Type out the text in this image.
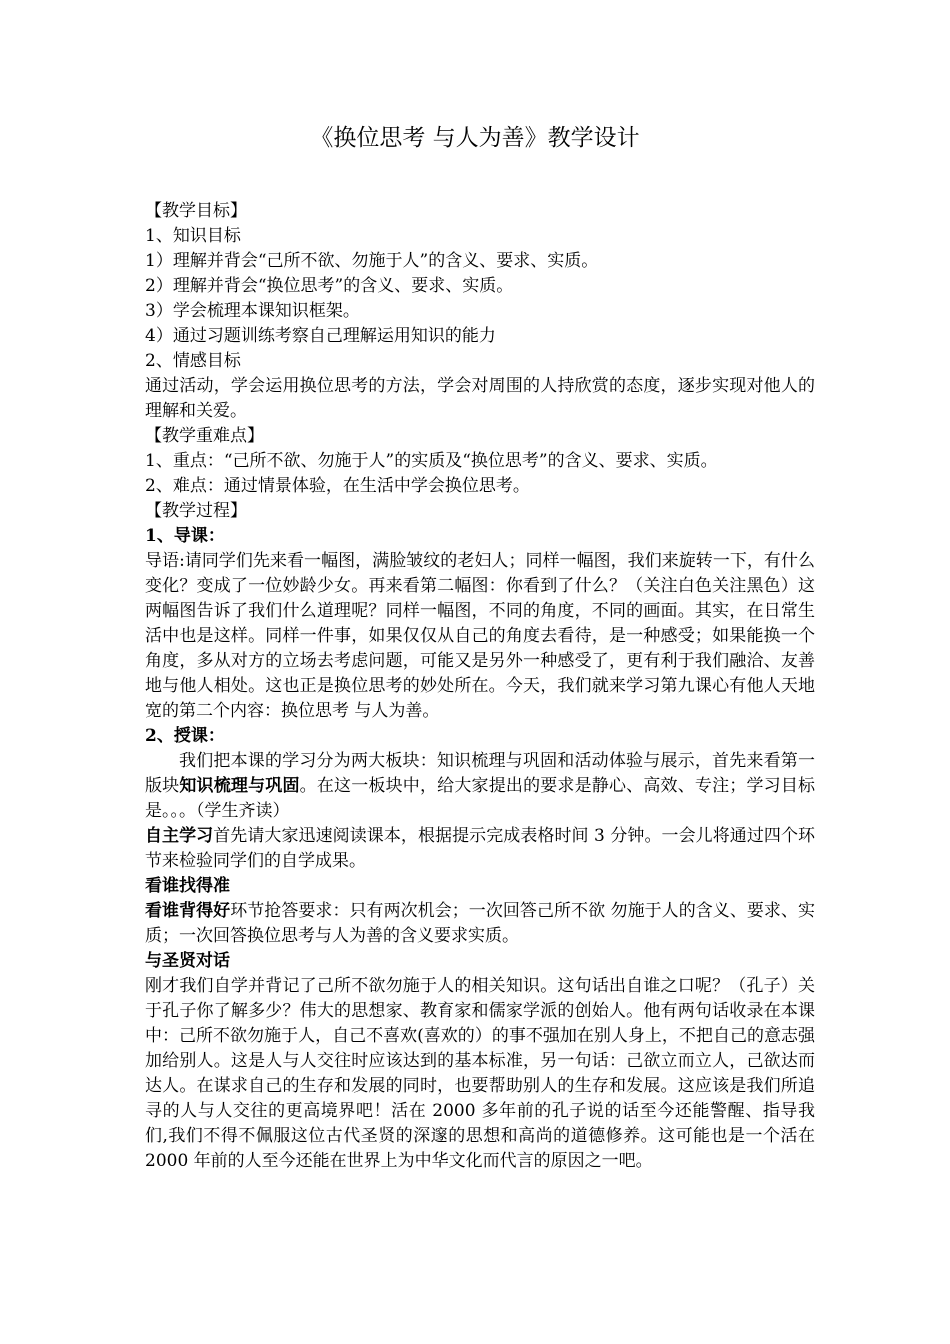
《换位思考 与人为善》教学设计
【教学目标】
1、知识目标
1）理解并背会“己所不欲、勿施于人”的含义、要求、实质。
2）理解并背会“换位思考”的含义、要求、实质。
3）学会梳理本课知识框架。
4）通过习题训练考察自己理解运用知识的能力
2、情感目标
通过活动，学会运用换位思考的方法，学会对周围的人持欣赏的态度，逐步实现对他人的理解和关爱。
【教学重难点】
1、重点：“己所不欲、勿施于人”的实质及“换位思考”的含义、要求、实质。
2、难点：通过情景体验，在生活中学会换位思考。
【教学过程】
1、导课：
导语:请同学们先来看一幅图，满脸皱纹的老妇人；同样一幅图，我们来旋转一下，有什么变化？变成了一位妙龄少女。再来看第二幅图：你看到了什么？（关注白色关注黑色）这两幅图告诉了我们什么道理呢？同样一幅图，不同的角度，不同的画面。其实，在日常生活中也是这样。同样一件事，如果仅仅从自己的角度去看待，是一种感受；如果能换一个角度，多从对方的立场去考虑问题，可能又是另外一种感受了，更有利于我们融洽、友善地与他人相处。这也正是换位思考的妙处所在。今天，我们就来学习第九课心有他人天地宽的第二个内容：换位思考 与人为善。
2、授课：
我们把本课的学习分为两大板块：知识梳理与巩固和活动体验与展示，首先来看第一版块知识梳理与巩固。在这一板块中，给大家提出的要求是静心、高效、专注；学习目标是。。。（学生齐读）
自主学习首先请大家迅速阅读课本，根据提示完成表格时间 3 分钟。一会儿将通过四个环节来检验同学们的自学成果。
看谁找得准
看谁背得好环节抢答要求：只有两次机会；一次回答己所不欲 勿施于人的含义、要求、实质；一次回答换位思考与人为善的含义要求实质。
与圣贤对话
刚才我们自学并背记了己所不欲勿施于人的相关知识。这句话出自谁之口呢？（孔子）关于孔子你了解多少？伟大的思想家、教育家和儒家学派的创始人。他有两句话收录在本课中：己所不欲勿施于人，自己不喜欢(喜欢的）的事不强加在别人身上，不把自己的意志强加给别人。这是人与人交往时应该达到的基本标准，另一句话：己欲立而立人，己欲达而达人。在谋求自己的生存和发展的同时，也要帮助别人的生存和发展。这应该是我们所追寻的人与人交往的更高境界吧！活在 2000 多年前的孔子说的话至今还能警醒、指导我们,我们不得不佩服这位古代圣贤的深邃的思想和高尚的道德修养。这可能也是一个活在 2000 年前的人至今还能在世界上为中华文化而代言的原因之一吧。
